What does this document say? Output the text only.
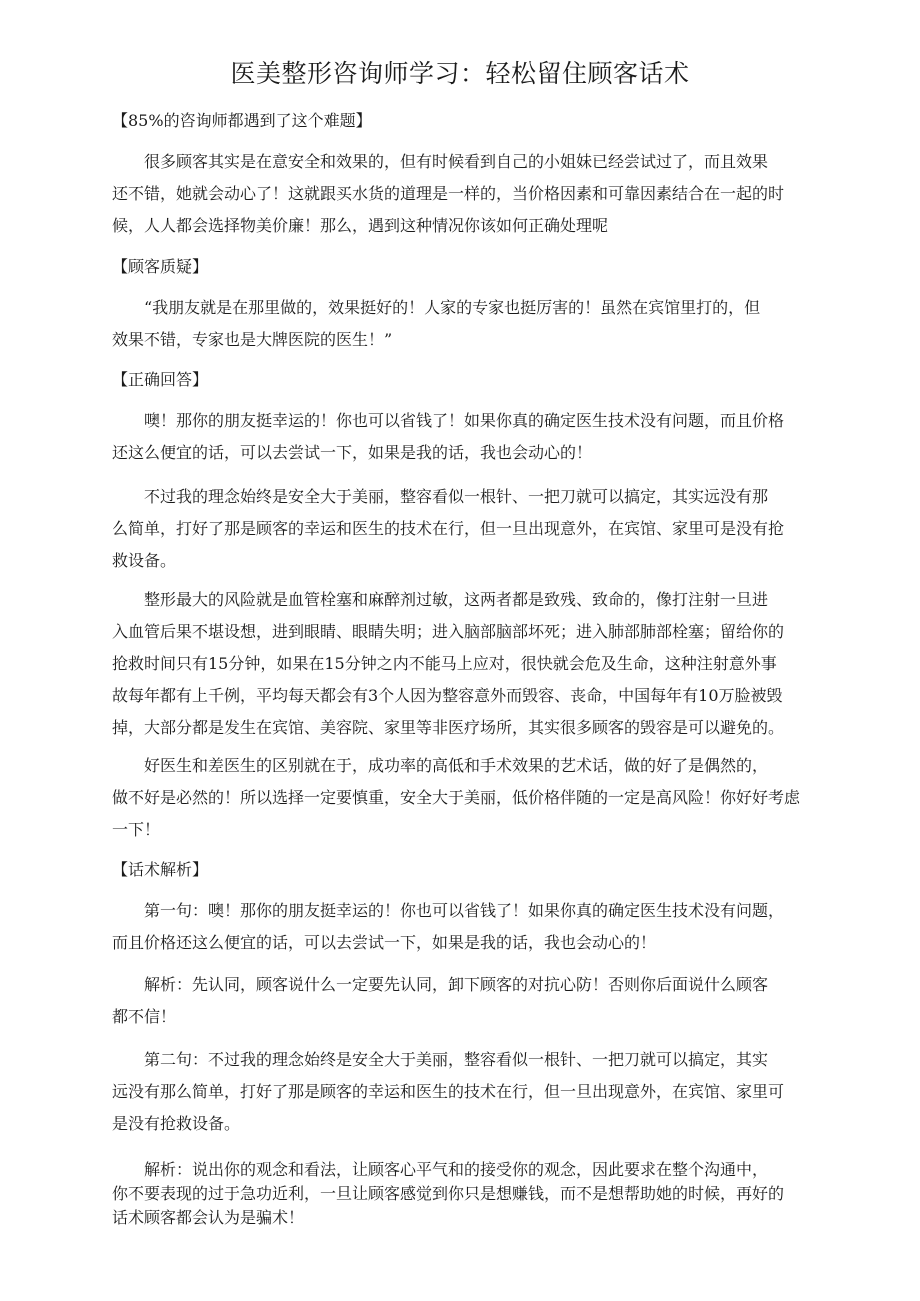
医美整形咨询师学习：轻松留住顾客话术
【85%的咨询师都遇到了这个难题】
　　很多顾客其实是在意安全和效果的，但有时候看到自己的小姐妹已经尝试过了，而且效果
还不错，她就会动心了！这就跟买水货的道理是一样的，当价格因素和可靠因素结合在一起的时
候，人人都会选择物美价廉！那么，遇到这种情况你该如何正确处理呢
【顾客质疑】
　　“我朋友就是在那里做的，效果挺好的！人家的专家也挺厉害的！虽然在宾馆里打的，但
效果不错，专家也是大牌医院的医生！”
【正确回答】
　　噢！那你的朋友挺幸运的！你也可以省钱了！如果你真的确定医生技术没有问题，而且价格
还这么便宜的话，可以去尝试一下，如果是我的话，我也会动心的！
　　不过我的理念始终是安全大于美丽，整容看似一根针、一把刀就可以搞定，其实远没有那
么简单，打好了那是顾客的幸运和医生的技术在行，但一旦出现意外，在宾馆、家里可是没有抢
救设备。
　　整形最大的风险就是血管栓塞和麻醉剂过敏，这两者都是致残、致命的，像打注射一旦进
入血管后果不堪设想，进到眼睛、眼睛失明；进入脑部脑部坏死；进入肺部肺部栓塞；留给你的
抢救时间只有15分钟，如果在15分钟之内不能马上应对，很快就会危及生命，这种注射意外事
故每年都有上千例，平均每天都会有3个人因为整容意外而毁容、丧命，中国每年有10万脸被毁
掉，大部分都是发生在宾馆、美容院、家里等非医疗场所，其实很多顾客的毁容是可以避免的。
　　好医生和差医生的区别就在于，成功率的高低和手术效果的艺术话，做的好了是偶然的，
做不好是必然的！所以选择一定要慎重，安全大于美丽，低价格伴随的一定是高风险！你好好考虑
一下！
【话术解析】
　　第一句：噢！那你的朋友挺幸运的！你也可以省钱了！如果你真的确定医生技术没有问题，
而且价格还这么便宜的话，可以去尝试一下，如果是我的话，我也会动心的！
　　解析：先认同，顾客说什么一定要先认同，卸下顾客的对抗心防！否则你后面说什么顾客
都不信！
　　第二句：不过我的理念始终是安全大于美丽，整容看似一根针、一把刀就可以搞定，其实
远没有那么简单，打好了那是顾客的幸运和医生的技术在行，但一旦出现意外，在宾馆、家里可
是没有抢救设备。
　　解析：说出你的观念和看法，让顾客心平气和的接受你的观念，因此要求在整个沟通中，
你不要表现的过于急功近利，一旦让顾客感觉到你只是想赚钱，而不是想帮助她的时候，再好的
话术顾客都会认为是骗术！
